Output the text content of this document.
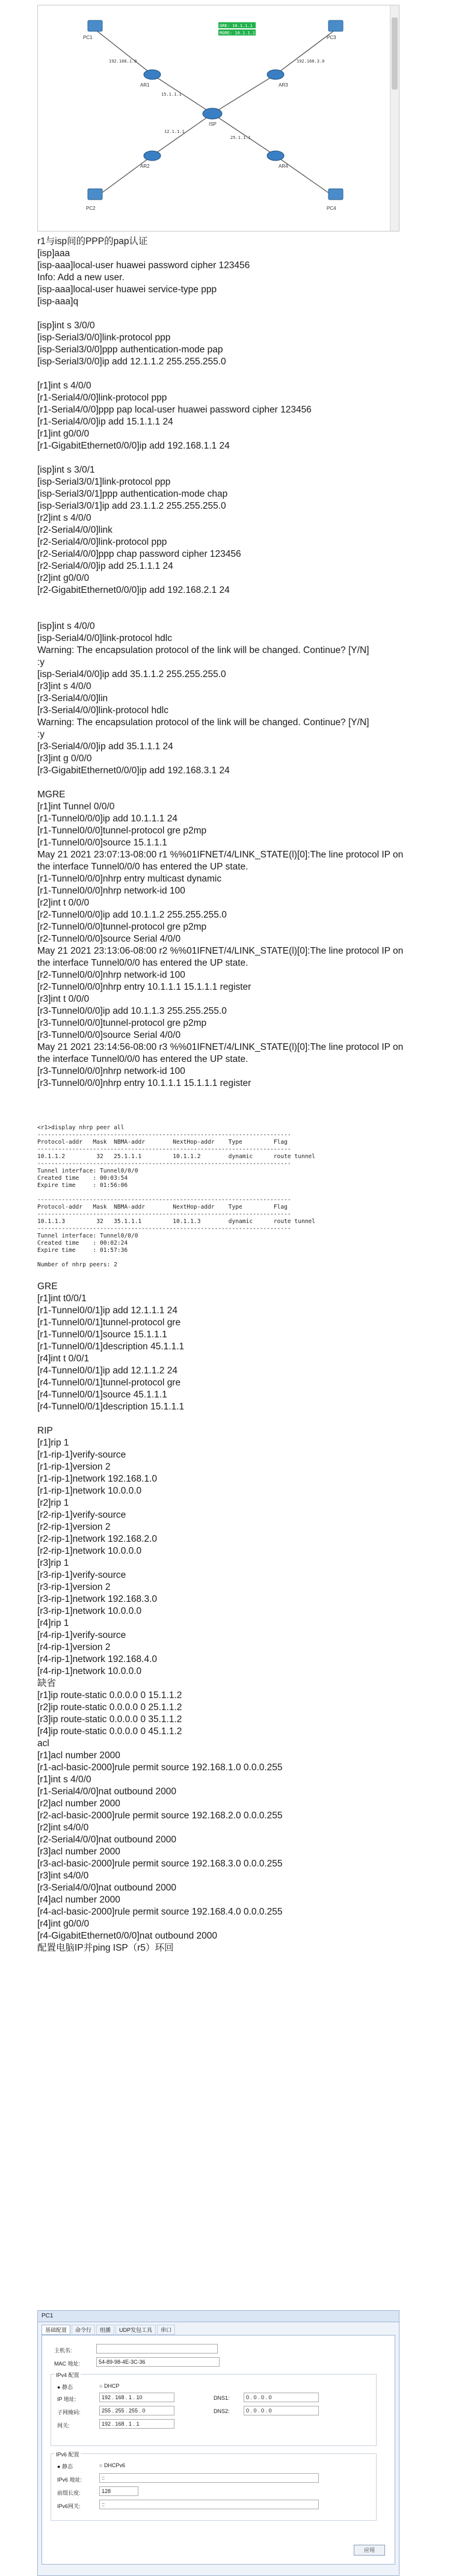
PC1	PC3
AR1	AR3
ISP
AR2	AR4
PC2	PC4
GRE: 10.1.1.1
MGRE: 10.1.1.1
192.168.1.0
15.1.1.1
192.168.3.0
12.1.1.1
25.1.1.1
r1与isp间的PPP的pap认证
[isp]aaa
[isp-aaa]local-user huawei password cipher 123456
Info: Add a new user.
[isp-aaa]local-user huawei service-type ppp
[isp-aaa]q

[isp]int s 3/0/0
[isp-Serial3/0/0]link-protocol ppp
[isp-Serial3/0/0]ppp authentication-mode pap
[isp-Serial3/0/0]ip add 12.1.1.2 255.255.255.0

[r1]int s 4/0/0
[r1-Serial4/0/0]link-protocol ppp
[r1-Serial4/0/0]ppp pap local-user huawei password cipher 123456
[r1-Serial4/0/0]ip add 15.1.1.1 24
[r1]int g0/0/0
[r1-GigabitEthernet0/0/0]ip add 192.168.1.1 24

[isp]int s 3/0/1
[isp-Serial3/0/1]link-protocol ppp
[isp-Serial3/0/1]ppp authentication-mode chap
[isp-Serial3/0/1]ip add 23.1.1.2 255.255.255.0
[r2]int s 4/0/0
[r2-Serial4/0/0]link
[r2-Serial4/0/0]link-protocol ppp
[r2-Serial4/0/0]ppp chap password cipher 123456
[r2-Serial4/0/0]ip add 25.1.1.1 24
[r2]int g0/0/0
[r2-GigabitEthernet0/0/0]ip add 192.168.2.1 24

[isp]int s 4/0/0
[isp-Serial4/0/0]link-protocol hdlc
Warning: The encapsulation protocol of the link will be changed. Continue? [Y/N]
:y
[isp-Serial4/0/0]ip add 35.1.1.2 255.255.255.0
[r3]int s 4/0/0
[r3-Serial4/0/0]lin
[r3-Serial4/0/0]link-protocol hdlc
Warning: The encapsulation protocol of the link will be changed. Continue? [Y/N]
:y
[r3-Serial4/0/0]ip add 35.1.1.1 24
[r3]int g 0/0/0
[r3-GigabitEthernet0/0/0]ip add 192.168.3.1 24

MGRE
[r1]int Tunnel 0/0/0
[r1-Tunnel0/0/0]ip add 10.1.1.1 24
[r1-Tunnel0/0/0]tunnel-protocol gre p2mp
[r1-Tunnel0/0/0]source 15.1.1.1
May 21 2021 23:07:13-08:00 r1 %%01IFNET/4/LINK_STATE(l)[0]:The line protocol IP on the interface Tunnel0/0/0 has entered the UP state.
[r1-Tunnel0/0/0]nhrp entry multicast dynamic
[r1-Tunnel0/0/0]nhrp network-id 100
[r2]int t 0/0/0
[r2-Tunnel0/0/0]ip add 10.1.1.2 255.255.255.0
[r2-Tunnel0/0/0]tunnel-protocol gre p2mp
[r2-Tunnel0/0/0]source Serial 4/0/0
May 21 2021 23:13:06-08:00 r2 %%01IFNET/4/LINK_STATE(l)[0]:The line protocol IP on the interface Tunnel0/0/0 has entered the UP state.
[r2-Tunnel0/0/0]nhrp network-id 100
[r2-Tunnel0/0/0]nhrp entry 10.1.1.1 15.1.1.1 register
[r3]int t 0/0/0
[r3-Tunnel0/0/0]ip add 10.1.1.3 255.255.255.0
[r3-Tunnel0/0/0]tunnel-protocol gre p2mp
[r3-Tunnel0/0/0]source Serial 4/0/0
May 21 2021 23:14:56-08:00 r3 %%01IFNET/4/LINK_STATE(l)[0]:The line protocol IP on the interface Tunnel0/0/0 has entered the UP state.
[r3-Tunnel0/0/0]nhrp network-id 100
[r3-Tunnel0/0/0]nhrp entry 10.1.1.1 15.1.1.1 register
<r1>display nhrp peer all
-------------------------------------------------------------------------
Protocol-addr   Mask  NBMA-addr        NextHop-addr    Type         Flag
-------------------------------------------------------------------------
10.1.1.2         32   25.1.1.1         10.1.1.2        dynamic      route tunnel
-------------------------------------------------------------------------
Tunnel interface: Tunnel0/0/0
Created time    : 00:03:54
Expire time     : 01:56:06

-------------------------------------------------------------------------
Protocol-addr   Mask  NBMA-addr        NextHop-addr    Type         Flag
-------------------------------------------------------------------------
10.1.1.3         32   35.1.1.1         10.1.1.3        dynamic      route tunnel
-------------------------------------------------------------------------
Tunnel interface: Tunnel0/0/0
Created time    : 00:02:24
Expire time     : 01:57:36

Number of nhrp peers: 2
GRE
[r1]int t0/0/1
[r1-Tunnel0/0/1]ip add 12.1.1.1 24
[r1-Tunnel0/0/1]tunnel-protocol gre
[r1-Tunnel0/0/1]source 15.1.1.1
[r1-Tunnel0/0/1]description 45.1.1.1
[r4]int t 0/0/1
[r4-Tunnel0/0/1]ip add 12.1.1.2 24
[r4-Tunnel0/0/1]tunnel-protocol gre
[r4-Tunnel0/0/1]source 45.1.1.1
[r4-Tunnel0/0/1]description 15.1.1.1

RIP
[r1]rip 1
[r1-rip-1]verify-source
[r1-rip-1]version 2
[r1-rip-1]network 192.168.1.0
[r1-rip-1]network 10.0.0.0
[r2]rip 1
[r2-rip-1]verify-source
[r2-rip-1]version 2
[r2-rip-1]network 192.168.2.0
[r2-rip-1]network 10.0.0.0
[r3]rip 1
[r3-rip-1]verify-source
[r3-rip-1]version 2
[r3-rip-1]network 192.168.3.0
[r3-rip-1]network 10.0.0.0
[r4]rip 1
[r4-rip-1]verify-source
[r4-rip-1]version 2
[r4-rip-1]network 192.168.4.0
[r4-rip-1]network 10.0.0.0
缺省
[r1]ip route-static 0.0.0.0 0 15.1.1.2
[r2]ip route-static 0.0.0.0 0 25.1.1.2
[r3]ip route-static 0.0.0.0 0 35.1.1.2
[r4]ip route-static 0.0.0.0 0 45.1.1.2
acl
[r1]acl number 2000
[r1-acl-basic-2000]rule permit source 192.168.1.0 0.0.0.255
[r1]int s 4/0/0
[r1-Serial4/0/0]nat outbound 2000
[r2]acl number 2000
[r2-acl-basic-2000]rule permit source 192.168.2.0 0.0.0.255
[r2]int s4/0/0
[r2-Serial4/0/0]nat outbound 2000
[r3]acl number 2000
[r3-acl-basic-2000]rule permit source 192.168.3.0 0.0.0.255
[r3]int s4/0/0
[r3-Serial4/0/0]nat outbound 2000
[r4]acl number 2000
[r4-acl-basic-2000]rule permit source 192.168.4.0 0.0.0.255
[r4]int g0/0/0
[r4-GigabitEthernet0/0/0]nat outbound 2000
配置电脑IP并ping ISP（r5）环回
PC1
基础配置	命令行	组播	UDP发包工具	串口
主机名:
MAC 地址:	54-89-98-4E-3C-36
IPv4 配置
● 静态	○ DHCP
IP 地址:	192 . 168 . 1 . 10	DNS1:	0 . 0 . 0 . 0
子网掩码:	255 . 255 . 255 . 0	DNS2:	0 . 0 . 0 . 0
网关:	192 . 168 . 1 . 1
IPv6 配置
● 静态	○ DHCPv6
IPv6 地址:	::
前缀长度:	128
IPv6网关:	::
应用
